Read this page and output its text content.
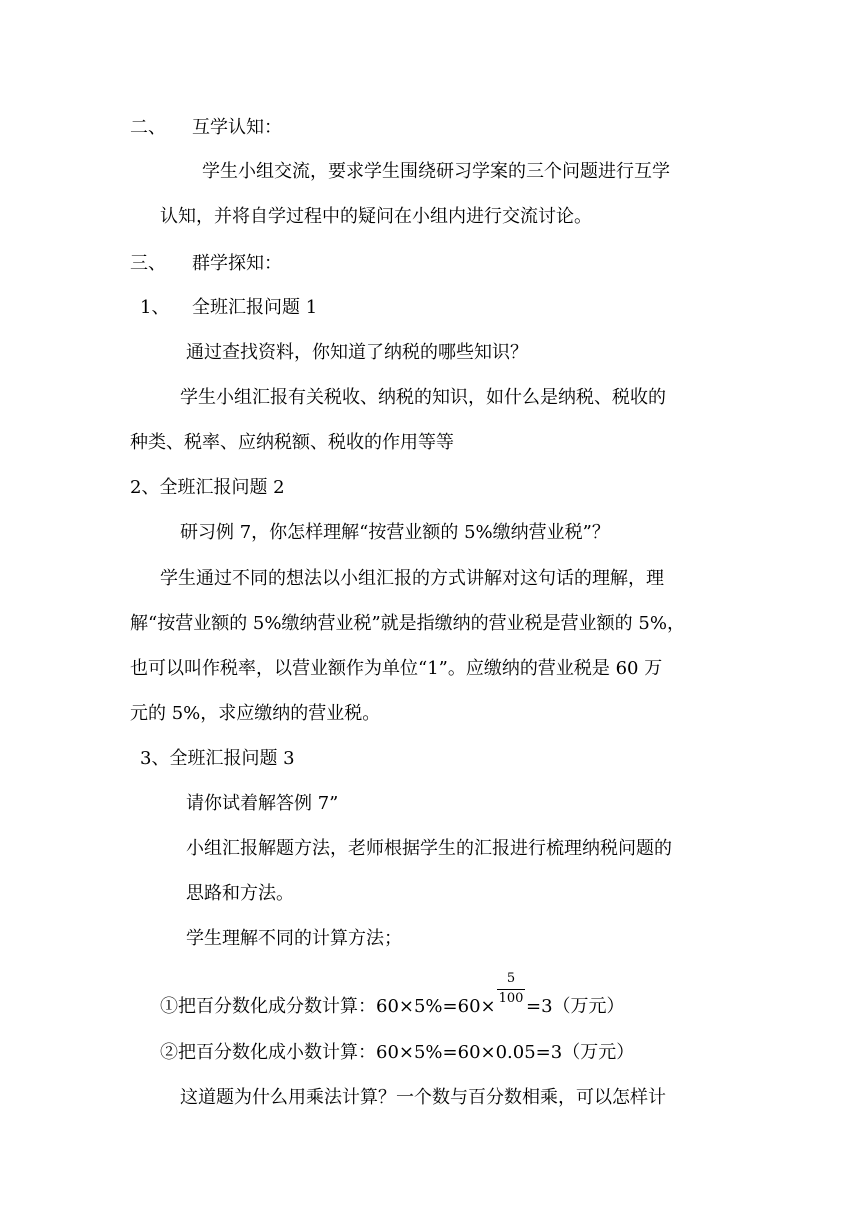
二、 互学认知：
学生小组交流，要求学生围绕研习学案的三个问题进行互学
认知，并将自学过程中的疑问在小组内进行交流讨论。
三、 群学探知：
1、 全班汇报问题 1
通过查找资料，你知道了纳税的哪些知识？
学生小组汇报有关税收、纳税的知识，如什么是纳税、税收的
种类、税率、应纳税额、税收的作用等等
2、全班汇报问题 2
研习例 7，你怎样理解“按营业额的 5%缴纳营业税”？
学生通过不同的想法以小组汇报的方式讲解对这句话的理解，理
解“按营业额的 5%缴纳营业税”就是指缴纳的营业税是营业额的 5%，
也可以叫作税率，以营业额作为单位“1”。应缴纳的营业税是 60 万
元的 5%，求应缴纳的营业税。
3、全班汇报问题 3
请你试着解答例 7”
小组汇报解题方法，老师根据学生的汇报进行梳理纳税问题的
思路和方法。
学生理解不同的计算方法；
①把百分数化成分数计算：60×5%=60×
5
100 =3（万元）
②把百分数化成小数计算：60×5%=60×0.05=3（万元）
这道题为什么用乘法计算？一个数与百分数相乘，可以怎样计
